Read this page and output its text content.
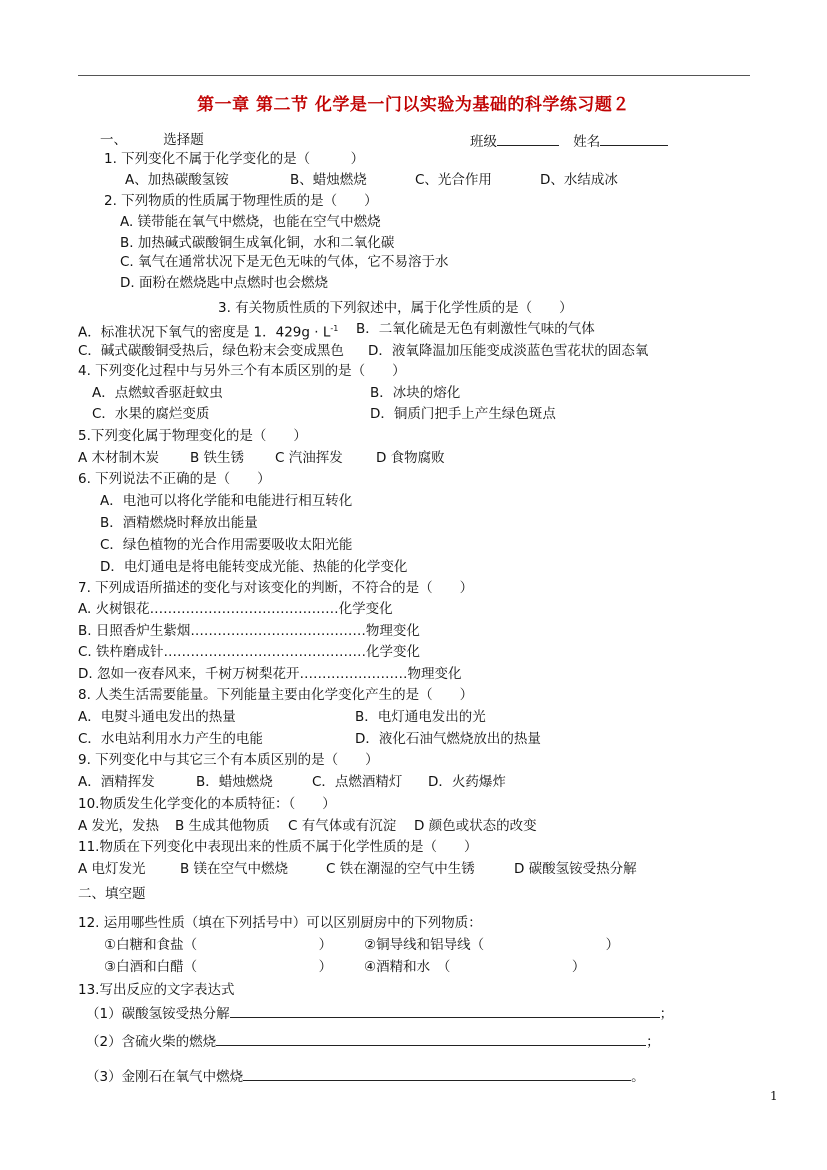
第一章 第二节 化学是一门以实验为基础的科学练习题２
一、	选择题	班级	姓名
1. 下列变化不属于化学变化的是（　　　）
A、加热碳酸氢铵	B、蜡烛燃烧	C、光合作用	D、水结成冰
2. 下列物质的性质属于物理性质的是（　　）
A. 镁带能在氧气中燃烧，也能在空气中燃烧
B. 加热碱式碳酸铜生成氧化铜，水和二氧化碳
C. 氧气在通常状况下是无色无味的气体，它不易溶于水
D. 面粉在燃烧匙中点燃时也会燃烧
3. 有关物质性质的下列叙述中，属于化学性质的是（　　）
A．标准状况下氧气的密度是 1．$429g \cdot L^{-1}$ B．二氧化硫是无色有刺激性气味的气体
C．碱式碳酸铜受热后，绿色粉末会变成黑色 D．液氧降温加压能变成淡蓝色雪花状的固态氧
4. 下列变化过程中与另外三个有本质区别的是（　　）
A．点燃蚊香驱赶蚊虫	B．冰块的熔化
C．水果的腐烂变质	D．铜质门把手上产生绿色斑点
5.下列变化属于物理变化的是（　　）
A 木材制木炭 B 铁生锈 C 汽油挥发 D 食物腐败
6. 下列说法不正确的是（　　）
A．电池可以将化学能和电能进行相互转化
B．酒精燃烧时释放出能量
C．绿色植物的光合作用需要吸收太阳光能
D．电灯通电是将电能转变成光能、热能的化学变化
7. 下列成语所描述的变化与对该变化的判断，不符合的是（　　）
A. 火树银花……………………………………化学变化
B. 日照香炉生紫烟…………………………………物理变化
C. 铁杵磨成针………………………………………化学变化
D. 忽如一夜春风来，千树万树梨花开……………………物理变化
8. 人类生活需要能量。下列能量主要由化学变化产生的是（　　）
A．电熨斗通电发出的热量	B．电灯通电发出的光
C．水电站利用水力产生的电能	D．液化石油气燃烧放出的热量
9. 下列变化中与其它三个有本质区别的是（　　）
A．酒精挥发	B．蜡烛燃烧	C．点燃酒精灯 D．火药爆炸
10.物质发生化学变化的本质特征：（　　）
A 发光，发热 B 生成其他物质 C 有气体或有沉淀 D 颜色或状态的改变
11.物质在下列变化中表现出来的性质不属于化学性质的是（　　）
A 电灯发光	B 镁在空气中燃烧	C 铁在潮湿的空气中生锈	D 碳酸氢铵受热分解
二、填空题
12. 运用哪些性质（填在下列括号中）可以区别厨房中的下列物质：
①白糖和食盐（　　　　　　　　　） ②铜导线和铝导线（　　　　　　　　　）
③白酒和白醋（　　　　　　　　　） ④酒精和水　（　　　　　　　　　）
13.写出反应的文字表达式
（1）碳酸氢铵受热分解	；
（2）含硫火柴的燃烧	；
（3）金刚石在氧气中燃烧	。
1
